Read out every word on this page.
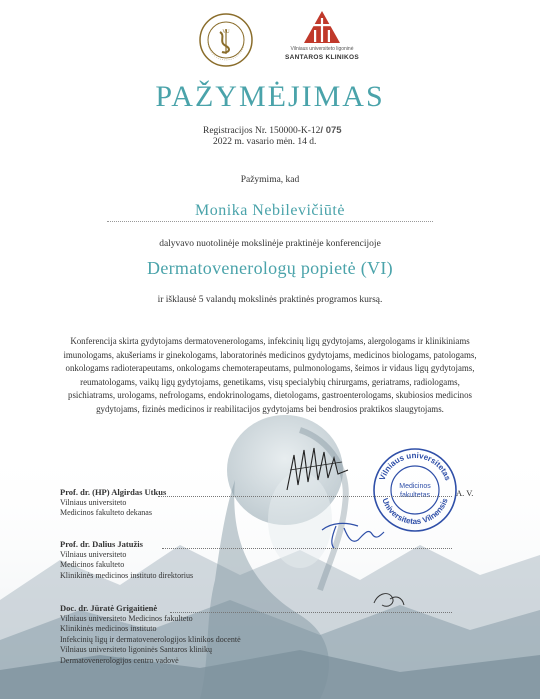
VU
Vilniaus universiteto ligoninė
SANTAROS KLINIKOS
PAŽYMĖJIMAS
Registracijos Nr. 150000-K-12/ 075
2022 m. vasario mėn. 14 d.
Pažymima, kad
Monika Nebilevičiūtė
dalyvavo nuotolinėje mokslinėje praktinėje konferencijoje
Dermatovenerologų popietė (VI)
ir išklausė 5 valandų mokslinės praktinės programos kursą.
Konferencija skirta gydytojams dermatovenerologams, infekcinių ligų gydytojams, alergologams ir klinikiniams imunologams, akušeriams ir ginekologams, laboratorinės medicinos gydytojams, medicinos biologams, patologams, onkologams radioterapeutams, onkologams chemoterapeutams, pulmonologams, šeimos ir vidaus ligų gydytojams, reumatologams, vaikų ligų gydytojams, genetikams, visų specialybių chirurgams, geriatrams, radiologams, psichiatrams, urologams, nefrologams, endokrinologams, dietologams, gastroenterologams, skubiosios medicinos gydytojams, fizinės medicinos ir reabilitacijos gydytojams bei bendrosios praktikos slaugytojams.
Vilniaus universitetas
Universitetas Vilnensis
Medicinos
fakultetas	A. V.
Prof. dr. (HP) Algirdas Utkus
Vilniaus universiteto
Medicinos fakulteto dekanas
Prof. dr. Dalius Jatužis
Vilniaus universiteto
Medicinos fakulteto
Klinikinės medicinos instituto direktorius
Doc. dr. Jūratė Grigaitienė
Vilniaus universiteto Medicinos fakulteto
Klinikinės medicinos instituto
Infekcinių ligų ir dermatovenerologijos klinikos docentė
Vilniaus universiteto ligoninės Santaros klinikų
Dermatovenerologijos centro vadovė
